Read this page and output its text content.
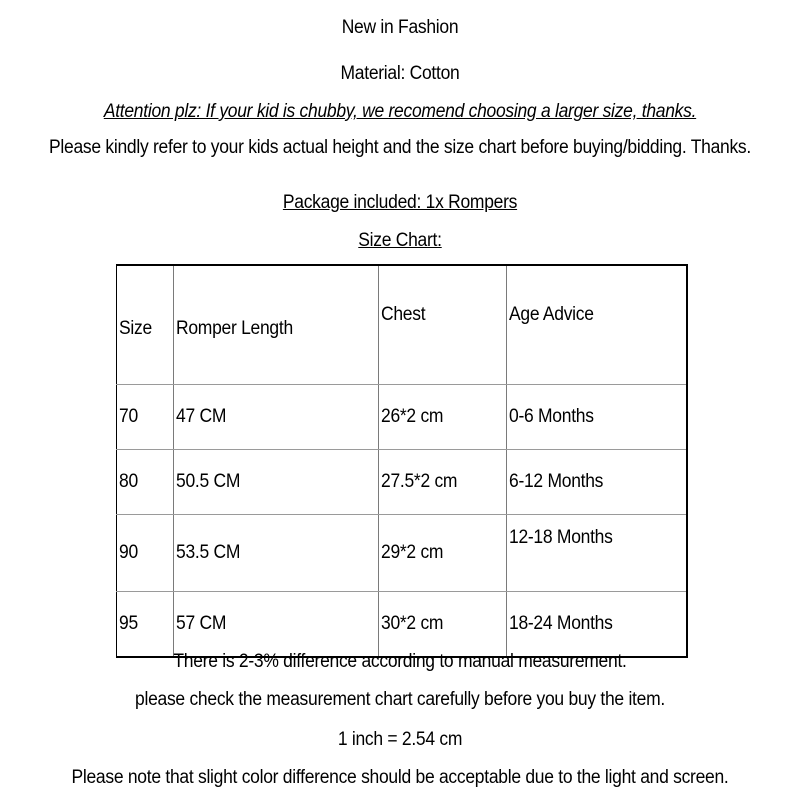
New in Fashion
Material: Cotton
Attention plz: If your kid is chubby, we recomend choosing a larger size, thanks.
Please kindly refer to your kids actual height and the size chart before buying/bidding. Thanks.
Package included: 1x Rompers
Size Chart:
Size	Romper Length	Chest	Age Advice
70	47 CM	26*2 cm	0-6 Months
80	50.5 CM	27.5*2 cm	6-12 Months
90	53.5 CM	29*2 cm	12-18 Months
95	57 CM	30*2 cm	18-24 Months
There is 2-3% difference according to manual measurement.
please check the measurement chart carefully before you buy the item.
1 inch = 2.54 cm
Please note that slight color difference should be acceptable due to the light and screen.
